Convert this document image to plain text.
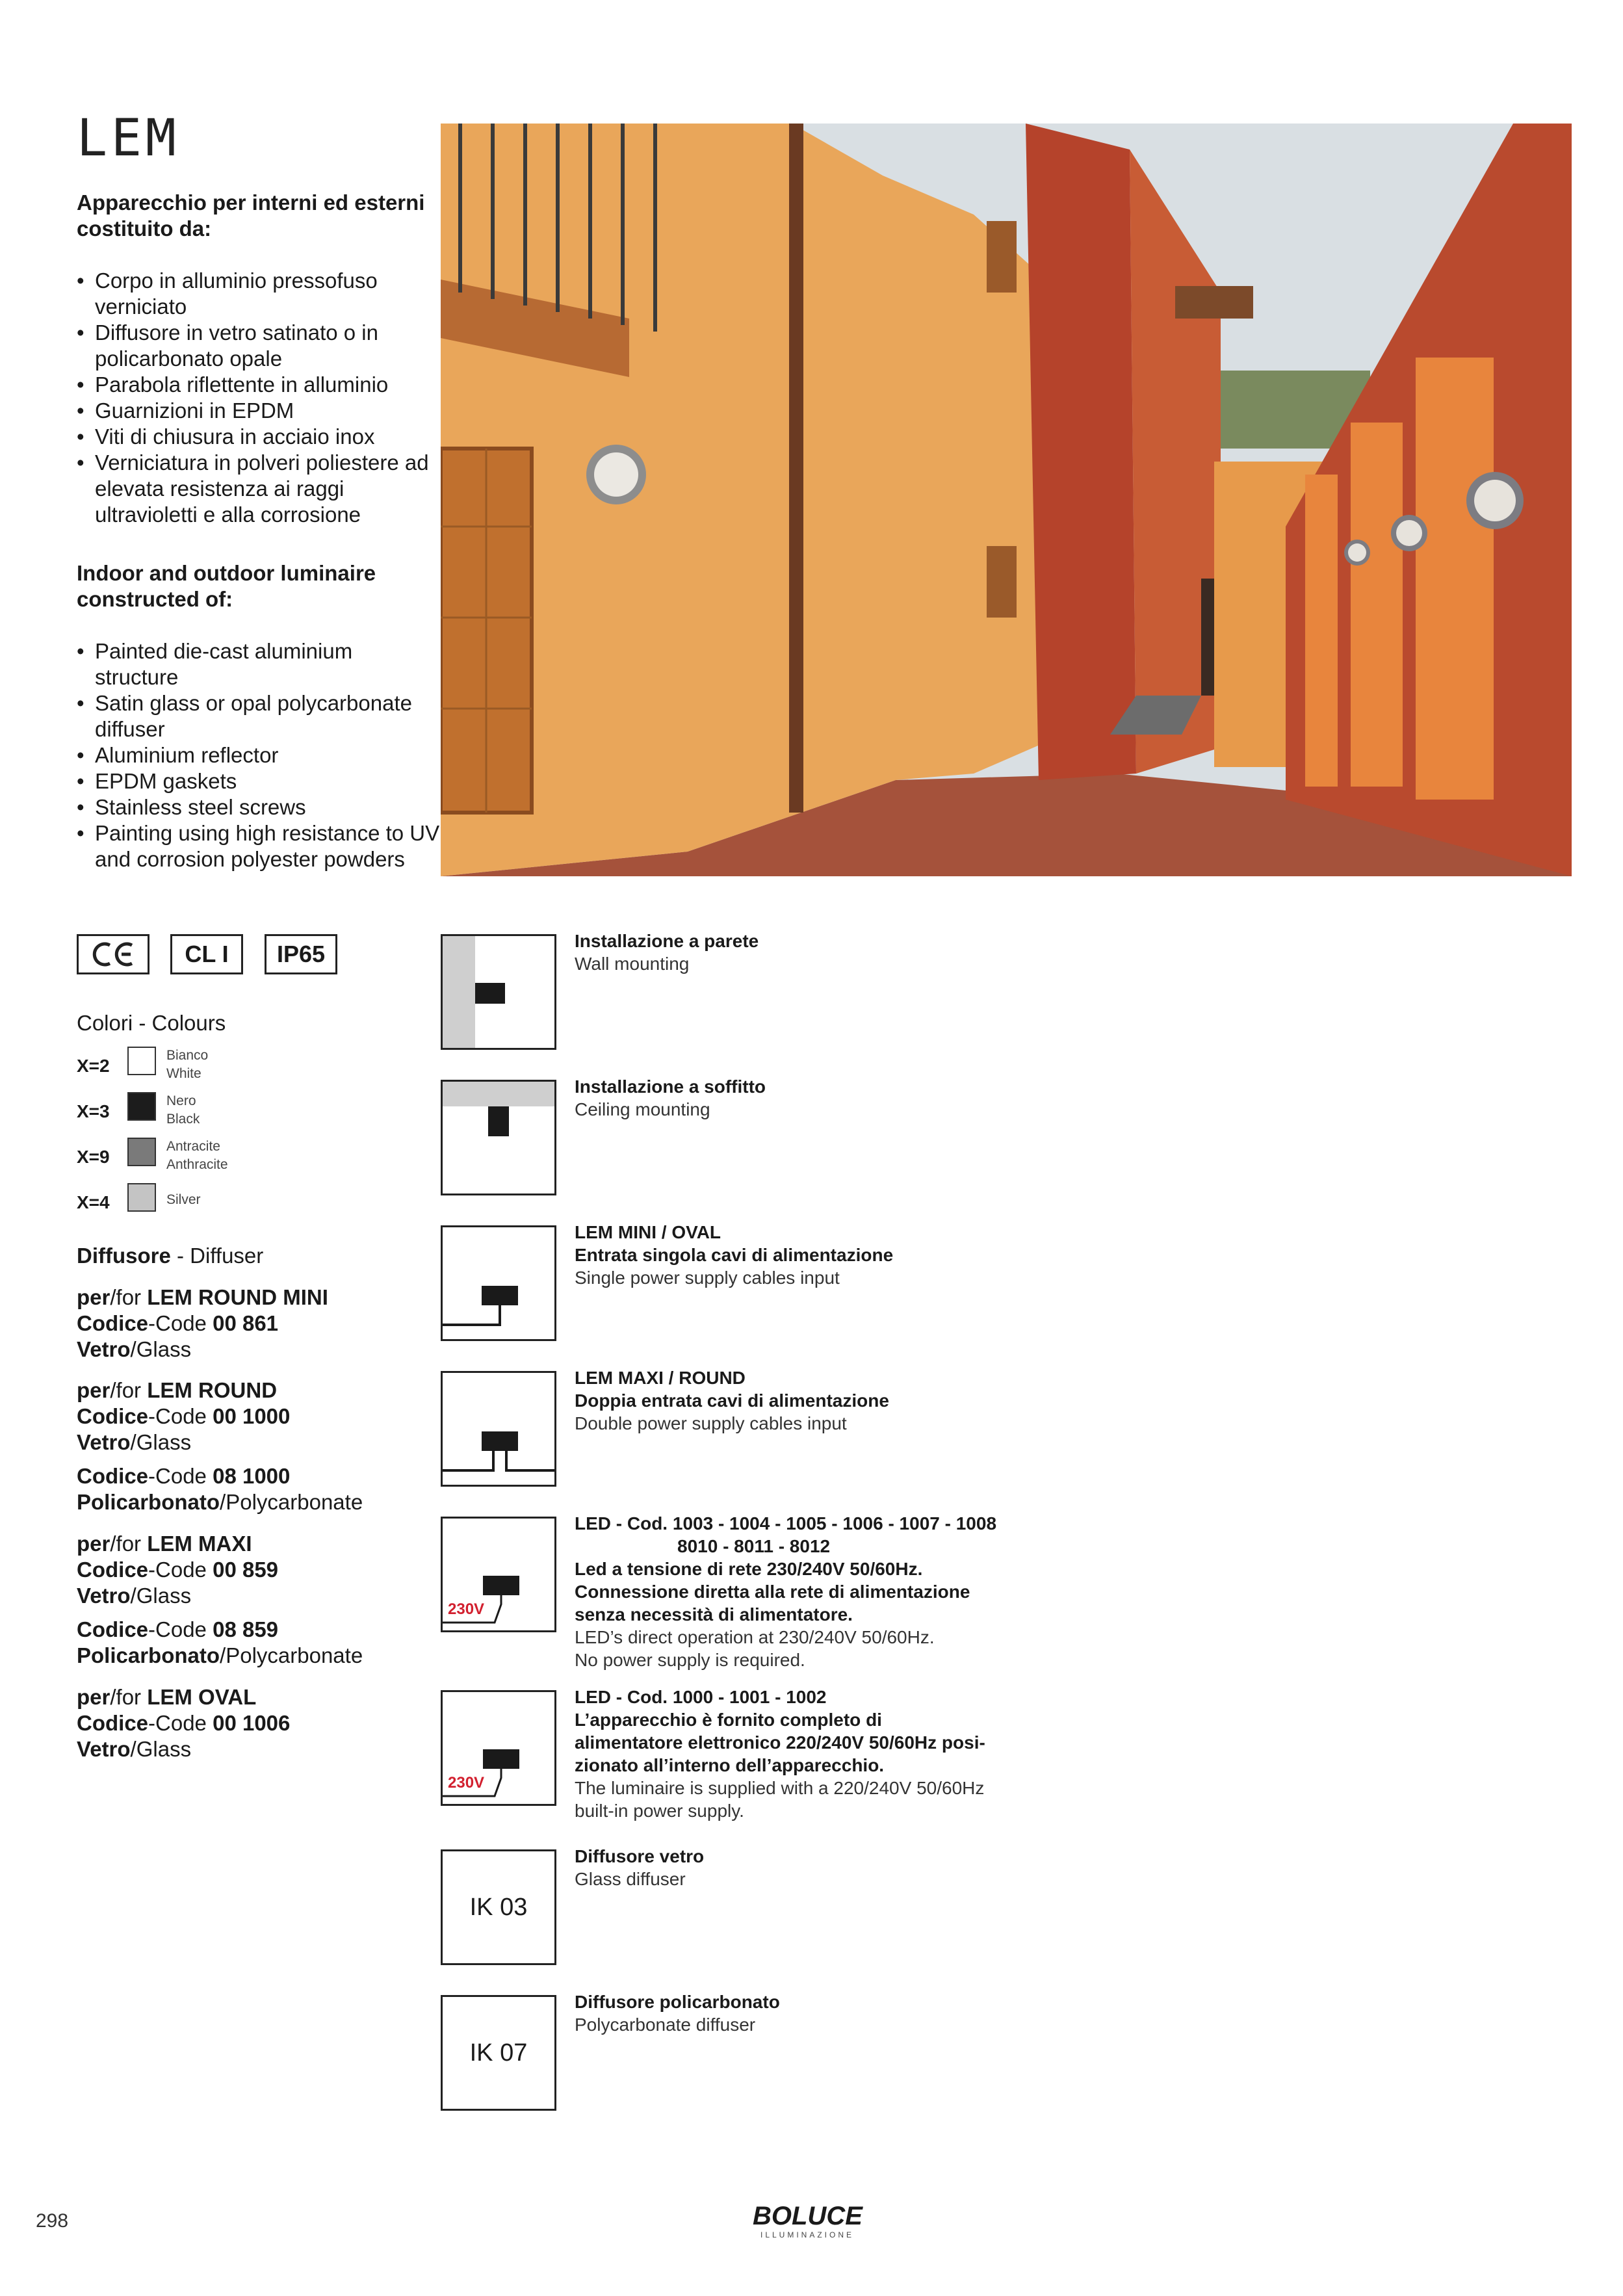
LEM

Apparecchio per interni ed esterni costituito da:

• Corpo in alluminio pressofuso verniciato
• Diffusore in vetro satinato o in policarbonato opale
• Parabola riflettente in alluminio
• Guarnizioni in EPDM
• Viti di chiusura in acciaio inox
• Verniciatura in polveri poliestere ad elevata resistenza ai raggi ultravioletti e alla corrosione

Indoor and outdoor luminaire constructed of:

• Painted die-cast aluminium structure
• Satin glass or opal polycarbonate diffuser
• Aluminium reflector
• EPDM gaskets
• Stainless steel screws
• Painting using high resistance to UV and corrosion polyester powders
CL I	IP65
Colori - Colours
X=2
Bianco
White
X=3
Nero
Black
X=9
Antracite
Anthracite
X=4	Silver
Diffusore - Diffuser
per/for LEM ROUND MINI
Codice-Code 00 861
Vetro/Glass
per/for LEM ROUND
Codice-Code 00 1000
Vetro/Glass
Codice-Code 08 1000
Policarbonato/Polycarbonate
per/for LEM MAXI
Codice-Code 00 859
Vetro/Glass
Codice-Code 08 859
Policarbonato/Polycarbonate
per/for LEM OVAL
Codice-Code 00 1006
Vetro/Glass
Installazione a parete
Wall mounting
Installazione a soffitto
Ceiling mounting
LEM MINI / OVAL
Entrata singola cavi di alimentazione
Single power supply cables input
LEM MAXI / ROUND
Doppia entrata cavi di alimentazione
Double power supply cables input
230V
LED - Cod. 1003 - 1004 - 1005 - 1006 - 1007 - 1008
8010 - 8011 - 8012
Led a tensione di rete 230/240V 50/60Hz.
Connessione diretta alla rete di alimentazione
senza necessità di alimentatore.
LED’s direct operation at 230/240V 50/60Hz.
No power supply is required.
230V
LED - Cod. 1000 - 1001 - 1002
L’apparecchio è fornito completo di
alimentatore elettronico 220/240V 50/60Hz posi-
zionato all’interno dell’apparecchio.
The luminaire is supplied with a 220/240V 50/60Hz
built-in power supply.
IK 03
Diffusore vetro
Glass diffuser
IK 07
Diffusore policarbonato
Polycarbonate diffuser
298	BOLUCE
ILLUMINAZIONE
